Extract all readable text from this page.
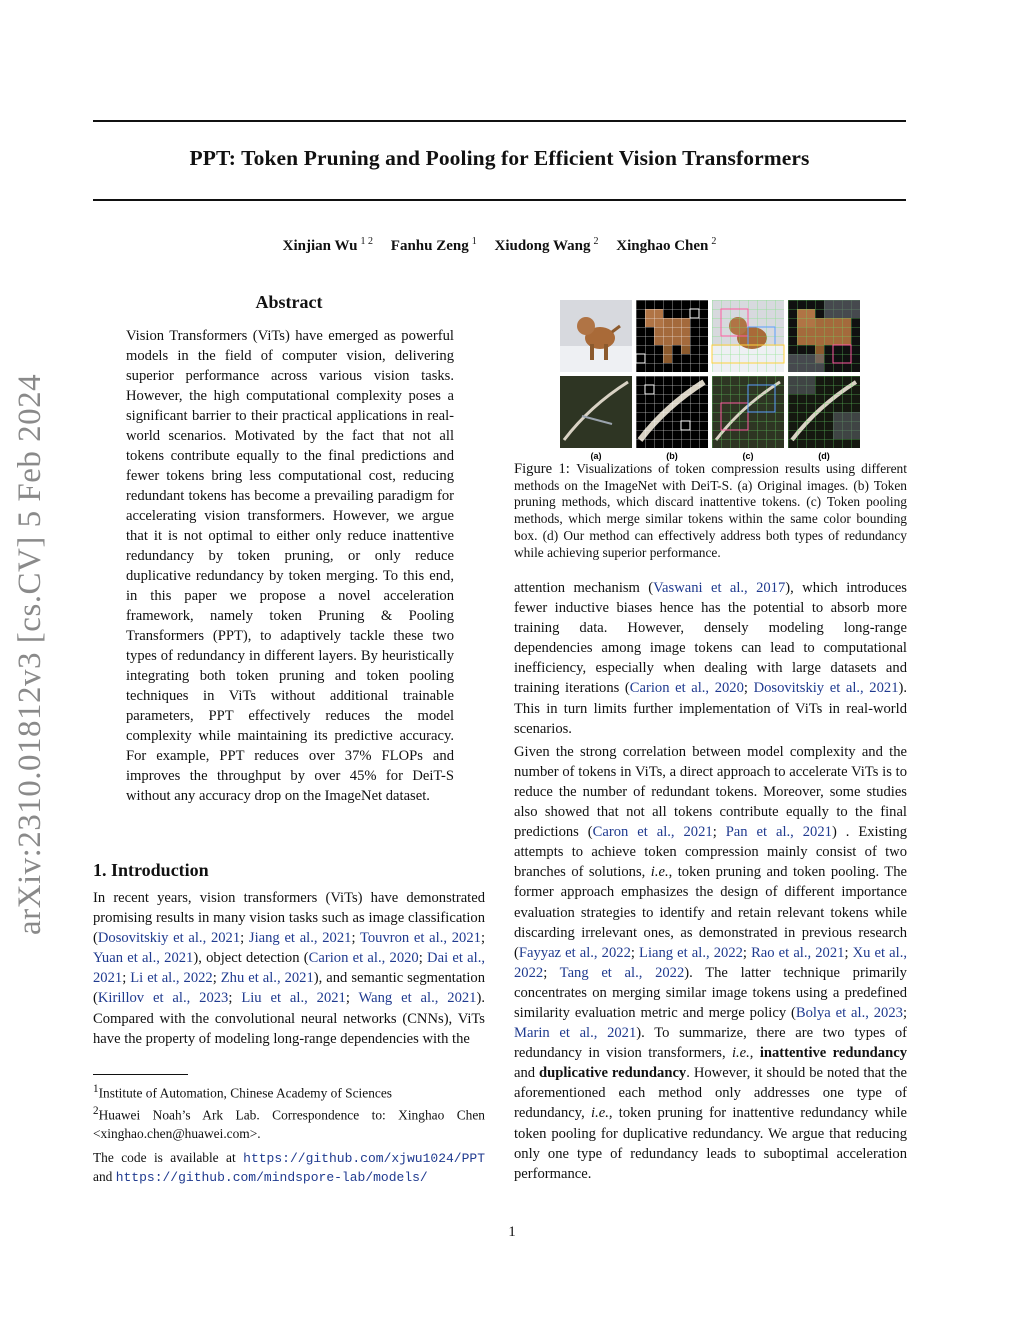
arXiv:2310.01812v3 [cs.CV] 5 Feb 2024
PPT: Token Pruning and Pooling for Efficient Vision Transformers
Xinjian Wu $^{1 2}$ Fanhu Zeng $^1$ Xiudong Wang $^2$ Xinghao Chen $^2$
Abstract

Vision Transformers (ViTs) have emerged as powerful models in the field of computer vision, delivering superior performance across various vision tasks. However, the high computational complexity poses a significant barrier to their practical applications in real-world scenarios. Motivated by the fact that not all tokens contribute equally to the final predictions and fewer tokens bring less computational cost, reducing redundant tokens has become a prevailing paradigm for accelerating vision transformers. However, we argue that it is not optimal to either only reduce inattentive redundancy by token pruning, or only reduce duplicative redundancy by token merging. To this end, in this paper we propose a novel acceleration framework, namely token Pruning & Pooling Transformers (PPT), to adaptively tackle these two types of redundancy in different layers. By heuristically integrating both token pruning and token pooling techniques in ViTs without additional trainable parameters, PPT effectively reduces the model complexity while maintaining its predictive accuracy. For example, PPT reduces over 37% FLOPs and improves the throughput by over 45% for DeiT-S without any accuracy drop on the ImageNet dataset.

1. Introduction

In recent years, vision transformers (ViTs) have demonstrated promising results in many vision tasks such as image classification (Dosovitskiy et al., 2021; Jiang et al., 2021; Touvron et al., 2021; Yuan et al., 2021), object detection (Carion et al., 2020; Dai et al., 2021; Li et al., 2022; Zhu et al., 2021), and semantic segmentation (Kirillov et al., 2023; Liu et al., 2021; Wang et al., 2021). Compared with the convolutional neural networks (CNNs), ViTs have the property of modeling long-range dependencies with the

$^1$Institute of Automation, Chinese Academy of Sciences
$^2$Huawei Noah’s Ark Lab. Correspondence to: Xinghao Chen <xinghao.chen@huawei.com>.

The code is available at https://github.com/xjwu1024/PPT and https://github.com/mindspore-lab/models/

(a)	(b)	(c)	(d)

Figure 1: Visualizations of token compression results using different methods on the ImageNet with DeiT-S. (a) Original images. (b) Token pruning methods, which discard inattentive tokens. (c) Token pooling methods, which merge similar tokens within the same color bounding box. (d) Our method can effectively address both types of redundancy while achieving superior performance.

attention mechanism (Vaswani et al., 2017), which introduces fewer inductive biases hence has the potential to absorb more training data. However, densely modeling long-range dependencies among image tokens can lead to computational inefficiency, especially when dealing with large datasets and training iterations (Carion et al., 2020; Dosovitskiy et al., 2021). This in turn limits further implementation of ViTs in real-world scenarios.

Given the strong correlation between model complexity and the number of tokens in ViTs, a direct approach to accelerate ViTs is to reduce the number of redundant tokens. Moreover, some studies also showed that not all tokens contribute equally to the final predictions (Caron et al., 2021; Pan et al., 2021) . Existing attempts to achieve token compression mainly consist of two branches of solutions, i.e., token pruning and token pooling. The former approach emphasizes the design of different importance evaluation strategies to identify and retain relevant tokens while discarding irrelevant ones, as demonstrated in previous research (Fayyaz et al., 2022; Liang et al., 2022; Rao et al., 2021; Xu et al., 2022; Tang et al., 2022). The latter technique primarily concentrates on merging similar image tokens using a predefined similarity evaluation metric and merge policy (Bolya et al., 2023; Marin et al., 2021). To summarize, there are two types of redundancy in vision transformers, i.e., inattentive redundancy and duplicative redundancy. However, it should be noted that the aforementioned each method only addresses one type of redundancy, i.e., token pruning for inattentive redundancy while token pooling for duplicative redundancy. We argue that reducing only one type of redundancy leads to suboptimal acceleration performance.

1
